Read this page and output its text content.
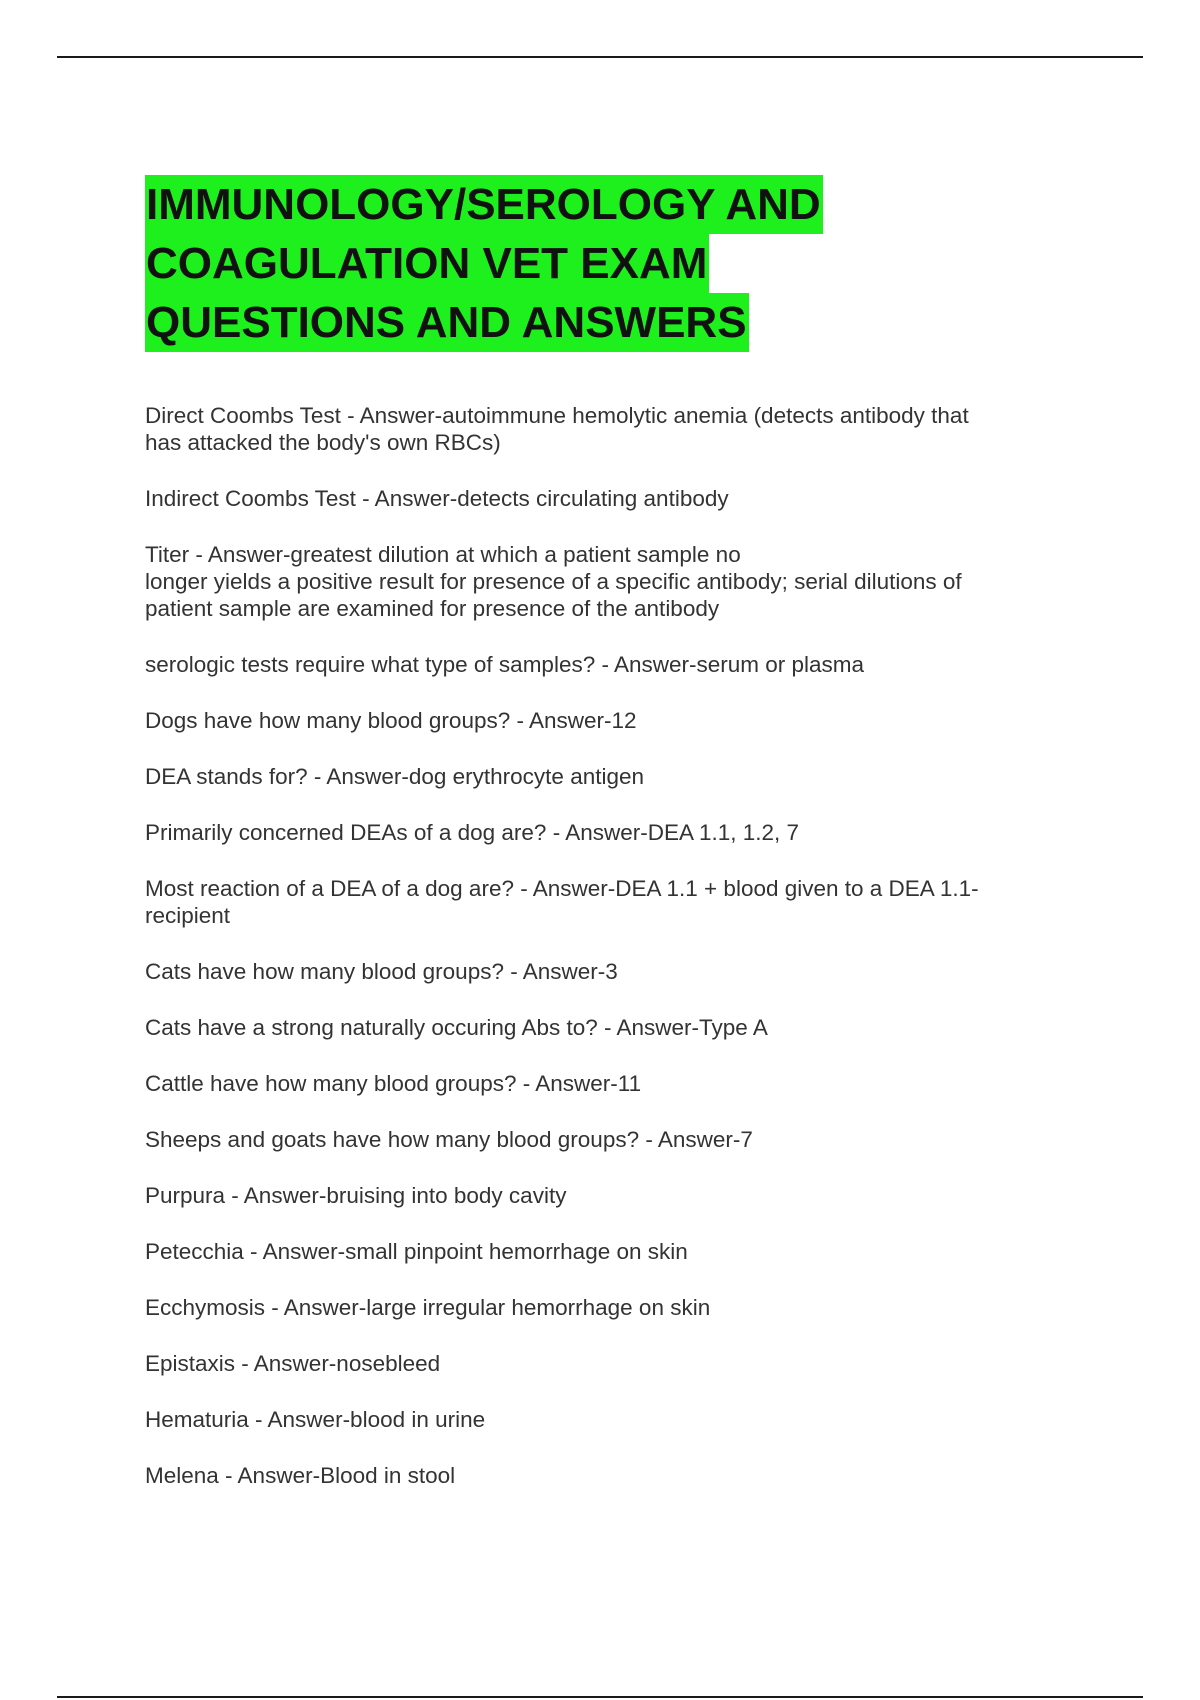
IMMUNOLOGY/SEROLOGY AND
COAGULATION VET EXAM
QUESTIONS AND ANSWERS
Direct Coombs Test - Answer-autoimmune hemolytic anemia (detects antibody that
has attacked the body's own RBCs)
Indirect Coombs Test - Answer-detects circulating antibody
Titer - Answer-greatest dilution at which a patient sample no
longer yields a positive result for presence of a specific antibody; serial dilutions of
patient sample are examined for presence of the antibody
serologic tests require what type of samples? - Answer-serum or plasma
Dogs have how many blood groups? - Answer-12
DEA stands for? - Answer-dog erythrocyte antigen
Primarily concerned DEAs of a dog are? - Answer-DEA 1.1, 1.2, 7
Most reaction of a DEA of a dog are? - Answer-DEA 1.1 + blood given to a DEA 1.1-
recipient
Cats have how many blood groups? - Answer-3
Cats have a strong naturally occuring Abs to? - Answer-Type A
Cattle have how many blood groups? - Answer-11
Sheeps and goats have how many blood groups? - Answer-7
Purpura - Answer-bruising into body cavity
Petecchia - Answer-small pinpoint hemorrhage on skin
Ecchymosis - Answer-large irregular hemorrhage on skin
Epistaxis - Answer-nosebleed
Hematuria - Answer-blood in urine
Melena - Answer-Blood in stool
